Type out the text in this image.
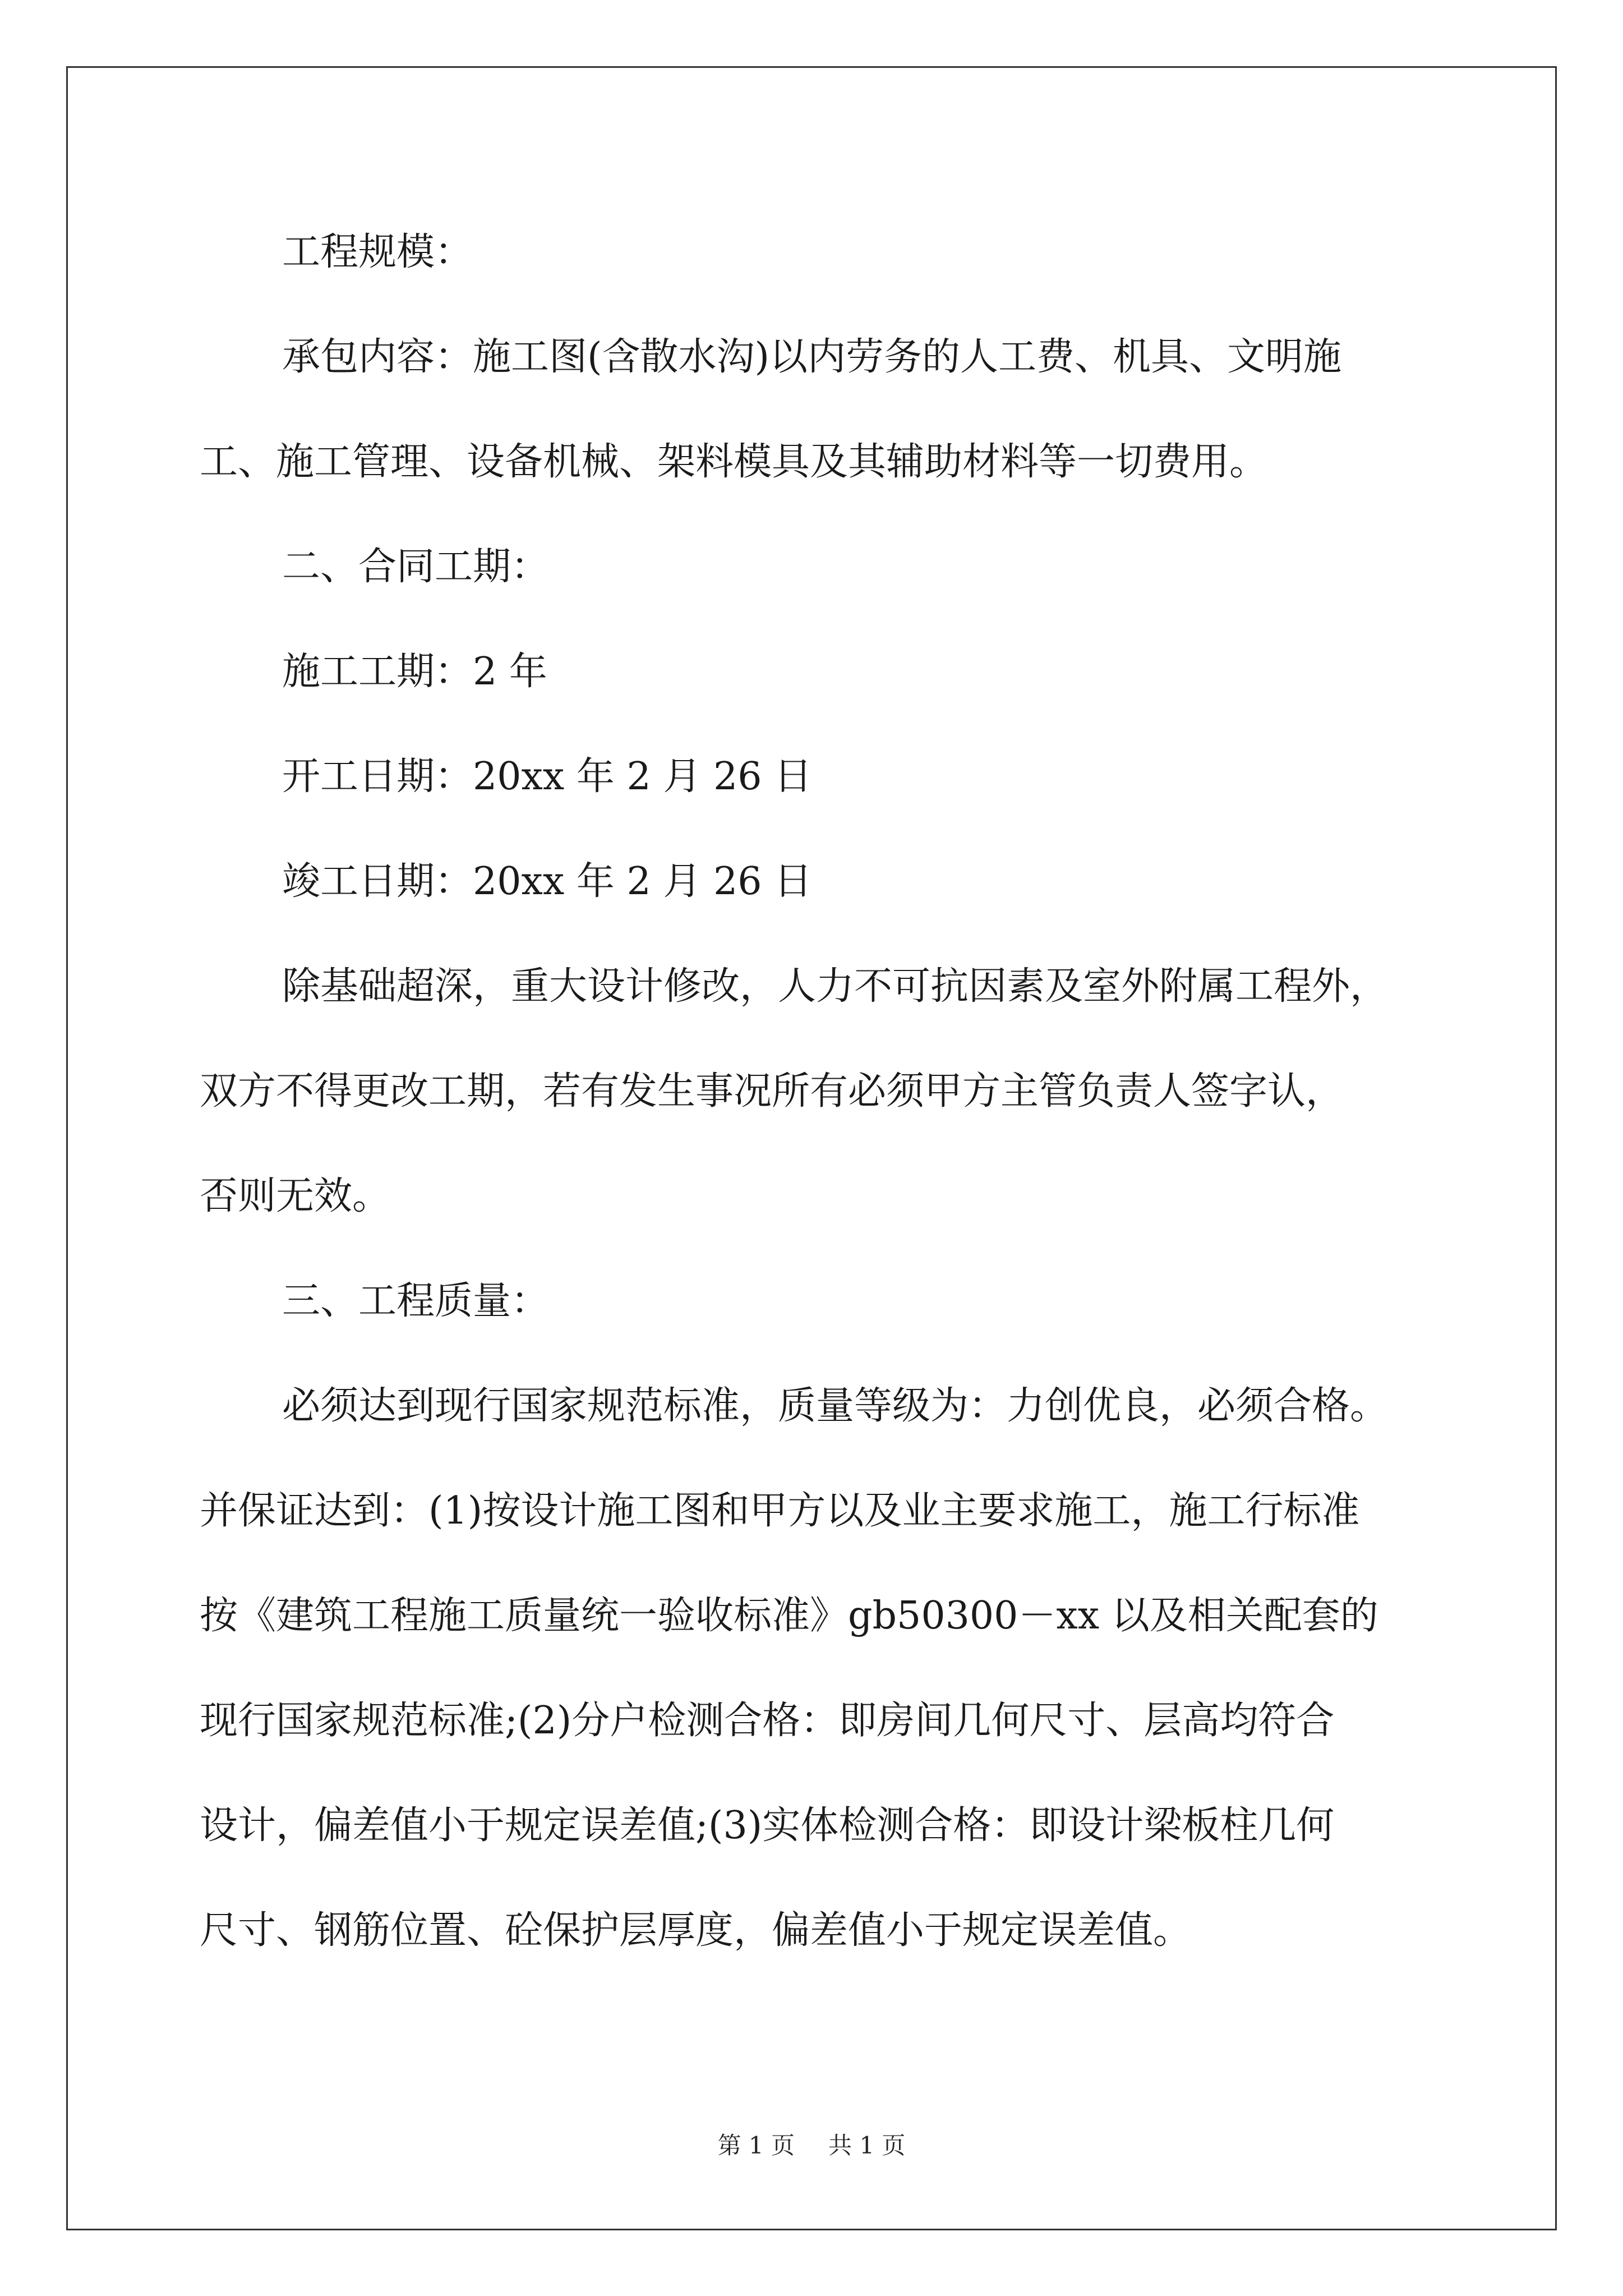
工程规模：
承包内容：施工图(含散水沟)以内劳务的人工费、机具、文明施
工、施工管理、设备机械、架料模具及其辅助材料等一切费用。
二、合同工期：
施工工期：2 年
开工日期：20xx 年 2 月 26 日
竣工日期：20xx 年 2 月 26 日
除基础超深，重大设计修改，人力不可抗因素及室外附属工程外，
双方不得更改工期，若有发生事况所有必须甲方主管负责人签字认，
否则无效。
三、工程质量：
必须达到现行国家规范标准，质量等级为：力创优良，必须合格。
并保证达到：(1)按设计施工图和甲方以及业主要求施工，施工行标准
按《建筑工程施工质量统一验收标准》gb50300－xx 以及相关配套的
现行国家规范标准;(2)分户检测合格：即房间几何尺寸、层高均符合
设计，偏差值小于规定误差值;(3)实体检测合格：即设计梁板柱几何
尺寸、钢筋位置、砼保护层厚度，偏差值小于规定误差值。
第 1 页 共 1 页
